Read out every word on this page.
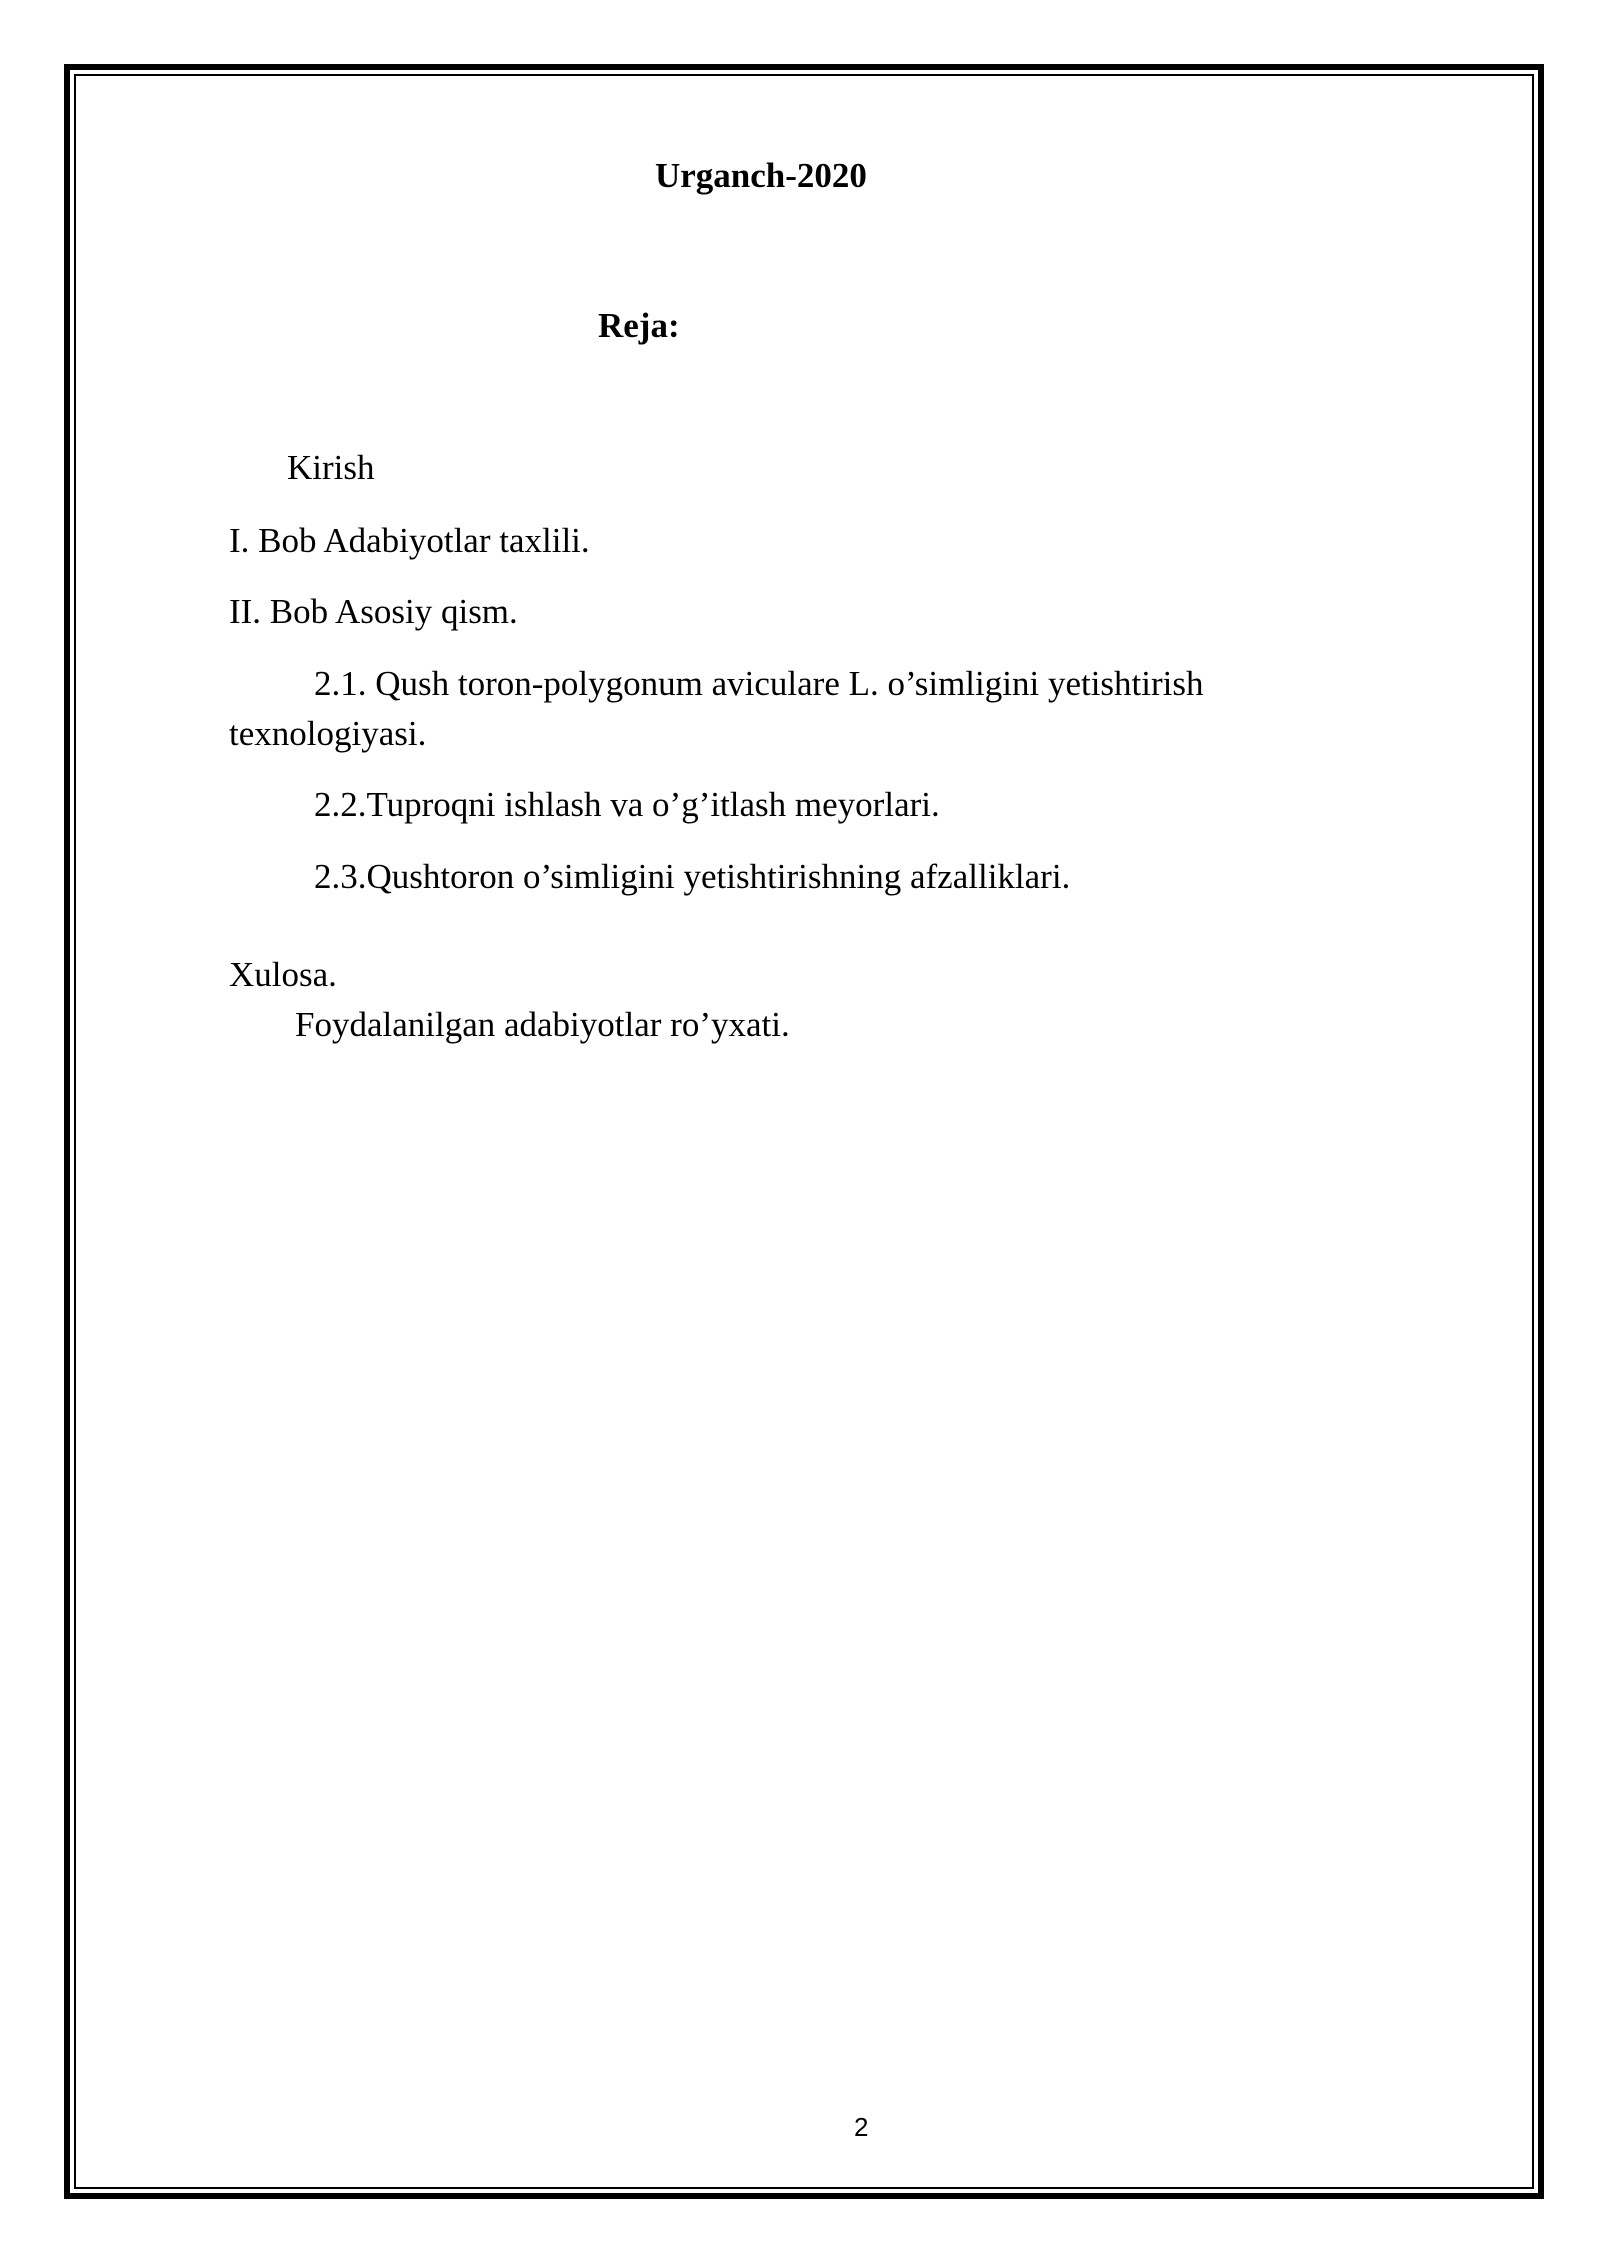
Urganch-2020
Reja:
Kirish
I. Bob Adabiyotlar taxlili.
II. Bob Asosiy qism.
2.1. Qush toron-polygonum aviculare L. o’simligini yetishtirish
texnologiyasi.
2.2.Tuproqni ishlash va o’g’itlash meyorlari.
2.3.Qushtoron o’simligini yetishtirishning afzalliklari.
Xulosa.
Foydalanilgan adabiyotlar ro’yxati.
2
